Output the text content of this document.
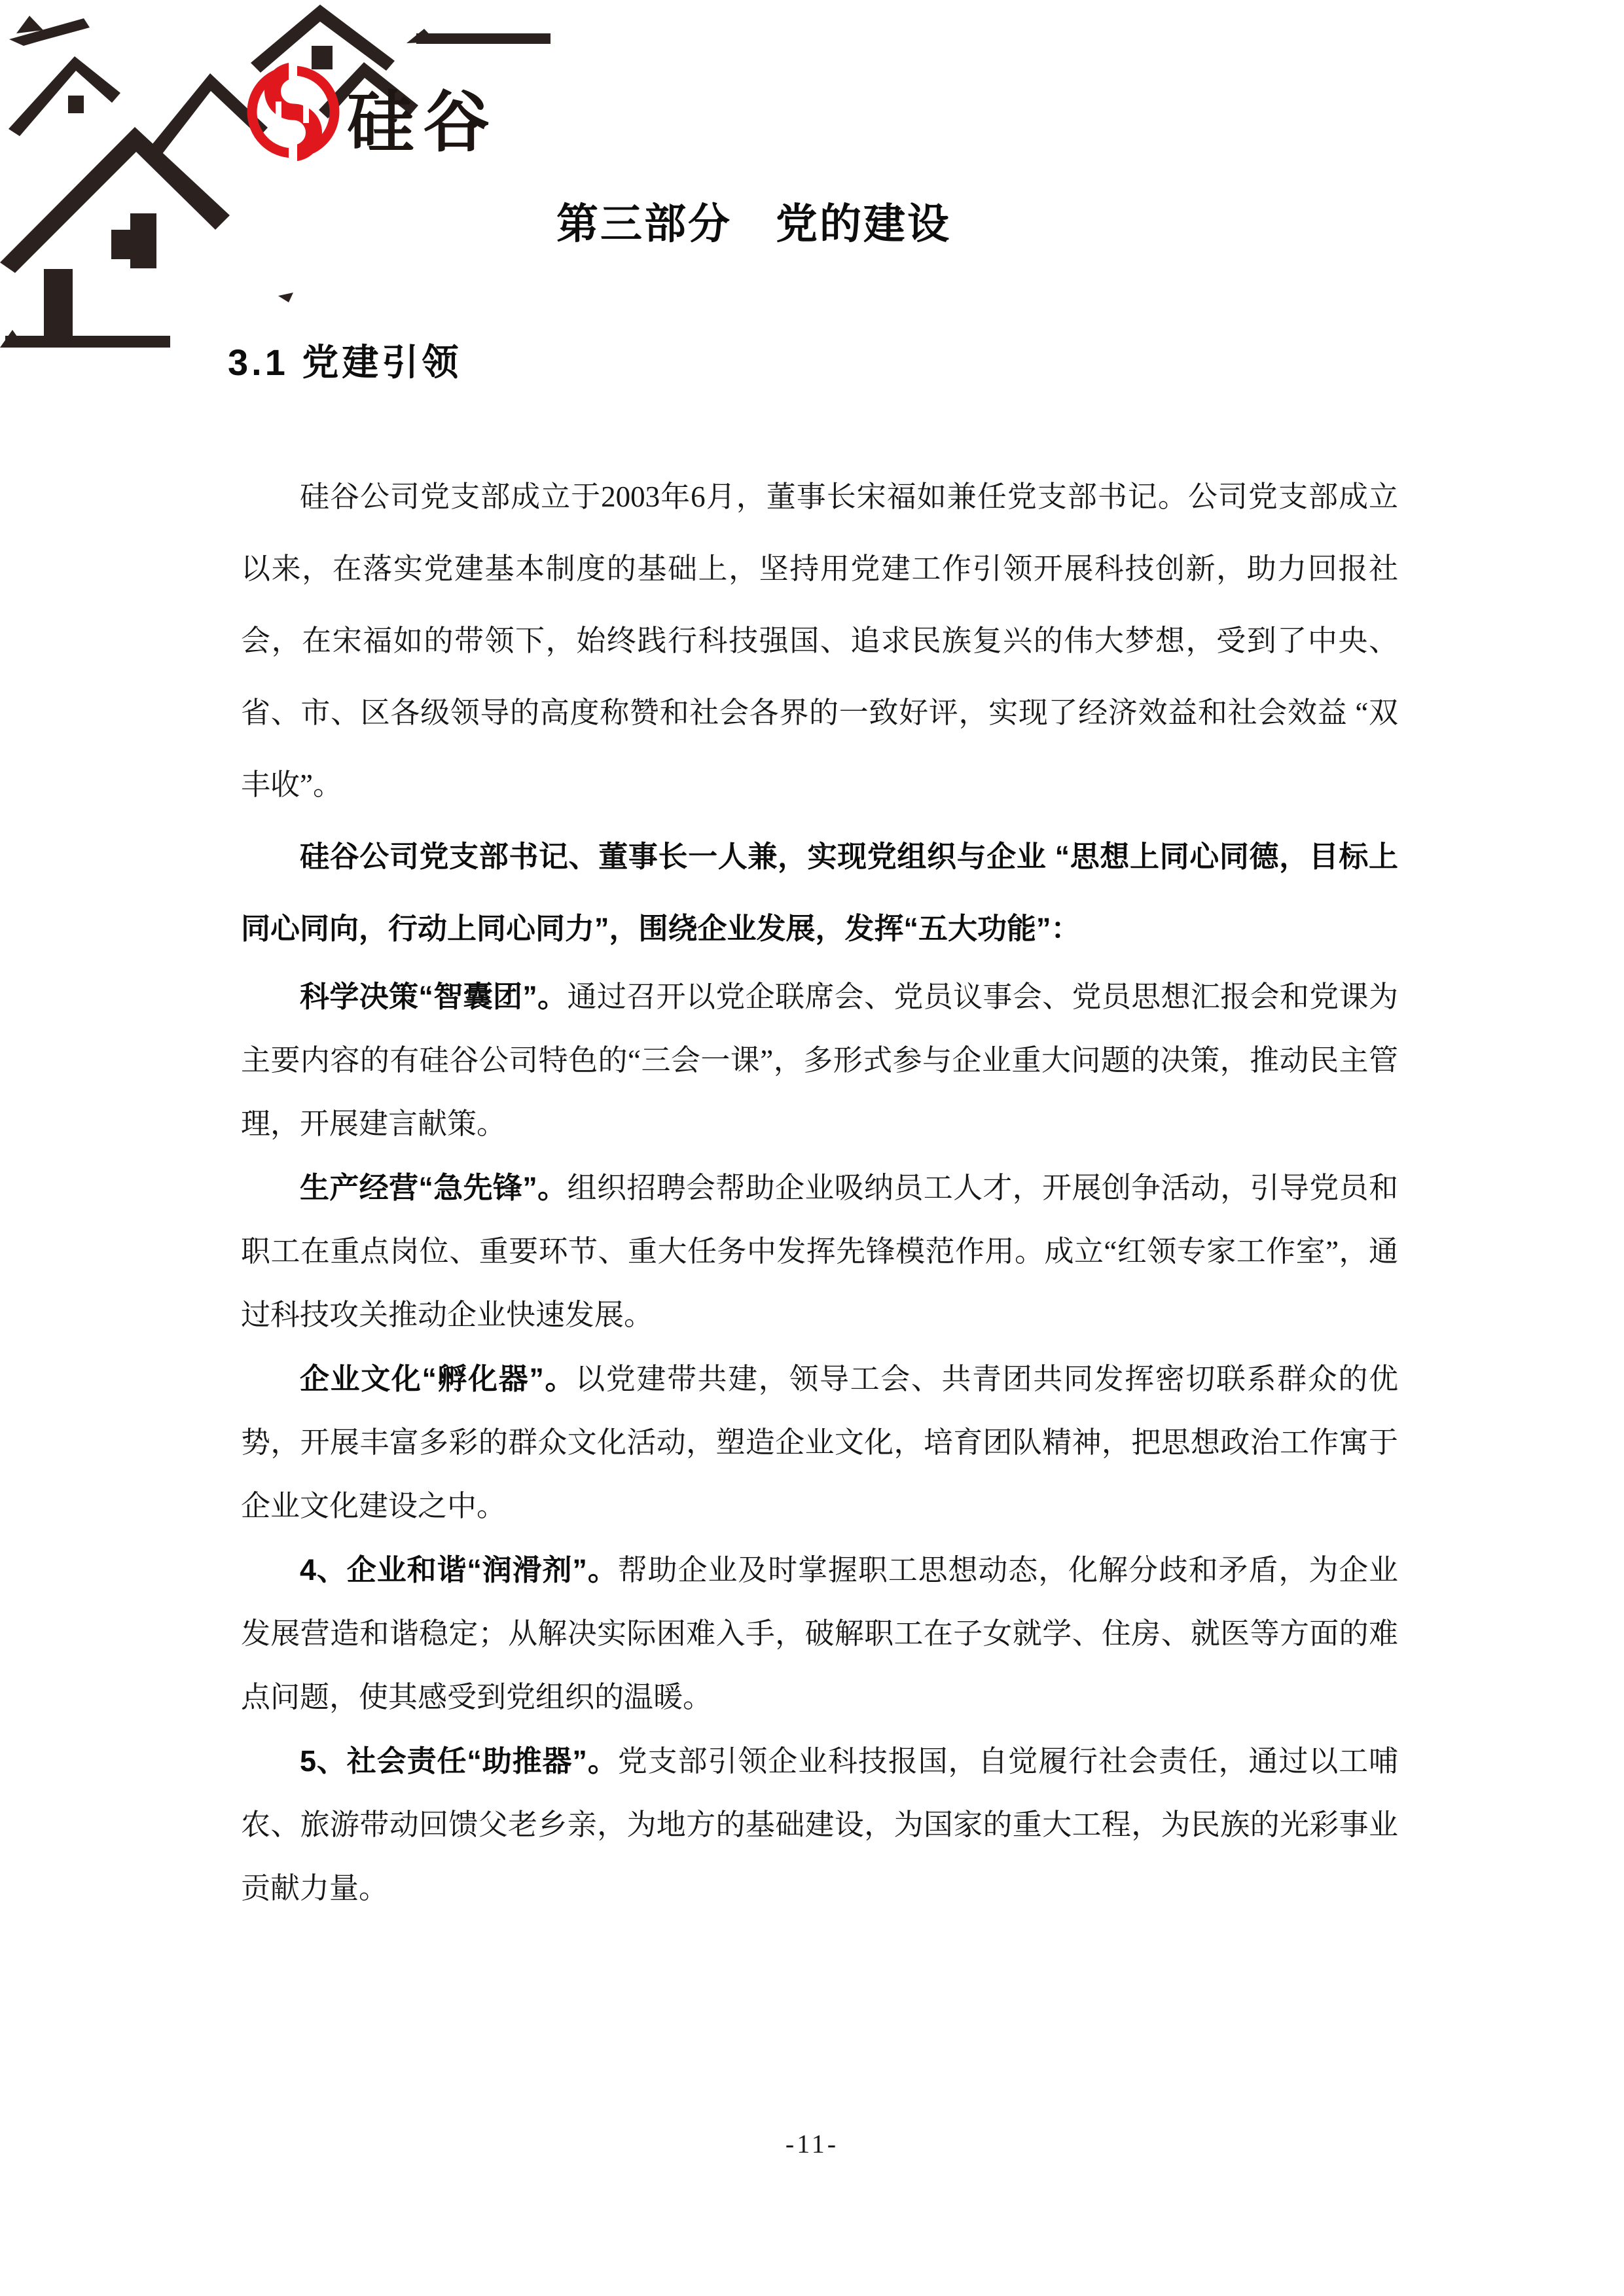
硅谷
第三部分　党的建设
3.1 党建引领

硅谷公司党支部成立于2003年6月，董事长宋福如兼任党支部书记。公司党支部成立以来，在落实党建基本制度的基础上，坚持用党建工作引领开展科技创新，助力回报社会，在宋福如的带领下，始终践行科技强国、追求民族复兴的伟大梦想，受到了中央、省、市、区各级领导的高度称赞和社会各界的一致好评，实现了经济效益和社会效益 “双丰收”。

硅谷公司党支部书记、董事长一人兼，实现党组织与企业 “思想上同心同德，目标上同心同向，行动上同心同力”，围绕企业发展，发挥“五大功能”：

科学决策“智囊团”。通过召开以党企联席会、党员议事会、党员思想汇报会和党课为主要内容的有硅谷公司特色的“三会一课”，多形式参与企业重大问题的决策，推动民主管理，开展建言献策。

生产经营“急先锋”。组织招聘会帮助企业吸纳员工人才，开展创争活动，引导党员和职工在重点岗位、重要环节、重大任务中发挥先锋模范作用。成立“红领专家工作室”，通过科技攻关推动企业快速发展。

企业文化“孵化器”。以党建带共建，领导工会、共青团共同发挥密切联系群众的优势，开展丰富多彩的群众文化活动，塑造企业文化，培育团队精神，把思想政治工作寓于企业文化建设之中。

4、企业和谐“润滑剂”。帮助企业及时掌握职工思想动态，化解分歧和矛盾，为企业发展营造和谐稳定；从解决实际困难入手，破解职工在子女就学、住房、就医等方面的难点问题，使其感受到党组织的温暖。

5、社会责任“助推器”。党支部引领企业科技报国，自觉履行社会责任，通过以工哺农、旅游带动回馈父老乡亲，为地方的基础建设，为国家的重大工程，为民族的光彩事业贡献力量。

-11-
